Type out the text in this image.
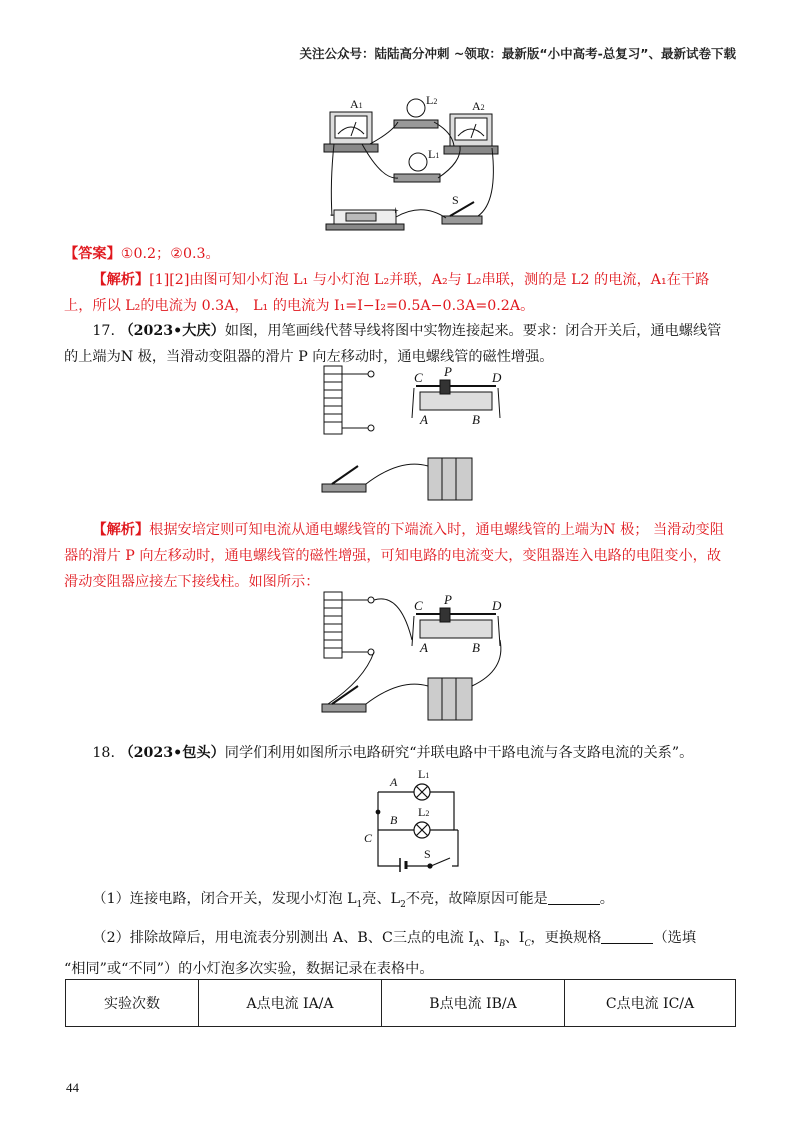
关注公众号：陆陆高分冲刺 ~领取：最新版“小中高考-总复习”、最新试卷下载
A1	L2	A2
L1
S
-	+
【答案】①0.2；②0.3。
【解析】[1][2]由图可知小灯泡 L₁ 与小灯泡 L₂并联，A₂与 L₂串联，测的是 L2 的电流，A₁在干路
上，所以 L₂的电流为 0.3A， L₁ 的电流为 I₁=I−I₂=0.5A−0.3A=0.2A。
17. （2023•大庆）如图，用笔画线代替导线将图中实物连接起来。要求：闭合开关后，通电螺线管
的上端为N 极，当滑动变阻器的滑片 P 向左移动时，通电螺线管的磁性增强。
C P	D
A	B
【解析】根据安培定则可知电流从通电螺线管的下端流入时，通电螺线管的上端为N 极； 当滑动变阻
器的滑片 P 向左移动时，通电螺线管的磁性增强，可知电路的电流变大，变阻器连入电路的电阻变小，故
滑动变阻器应接左下接线柱。如图所示：
C P	D
A	B
18. （2023•包头）同学们利用如图所示电路研究“并联电路中干路电流与各支路电流的关系”。
A
L1
B
L2
C
S
（1）连接电路，闭合开关，发现小灯泡 $L_1$亮、$L_2$不亮，故障原因可能是	。
（2）排除故障后，用电流表分别测出 A、B、C三点的电流 $I_A$、$I_B$、$I_C$，更换规格	（选填
“相同”或“不同”）的小灯泡多次实验，数据记录在表格中。
实验次数	A点电流 IA/A	B点电流 IB/A	C点电流 IC/A
44
